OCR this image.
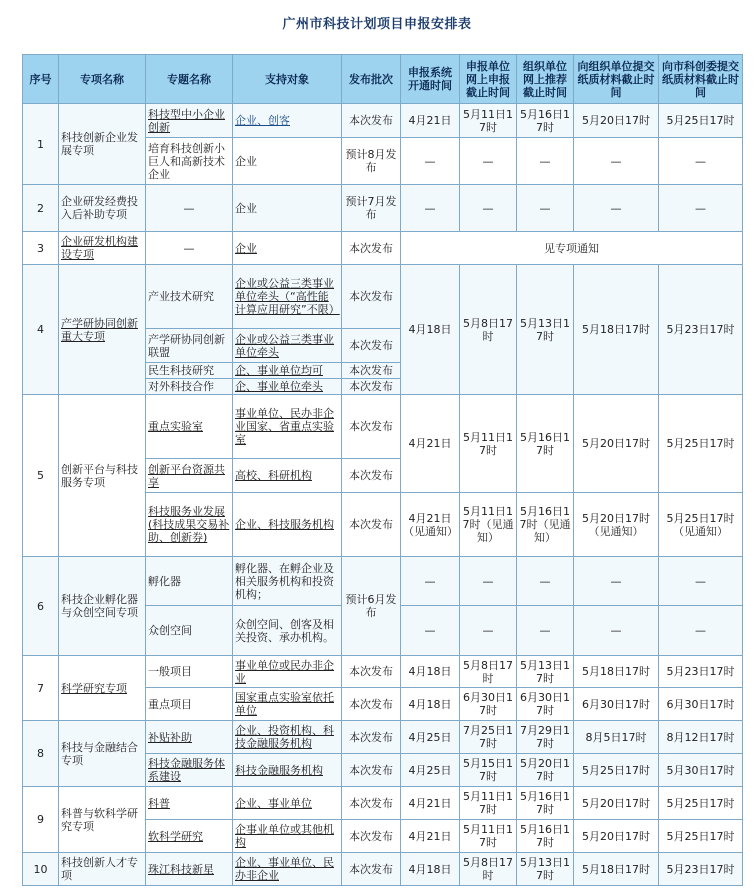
广州市科技计划项目申报安排表
序号	专项名称	专题名称	支持对象	发布批次	申报系统开通时间	申报单位网上申报截止时间	组织单位网上推荐截止时间	向组织单位提交纸质材料截止时间	向市科创委提交纸质材料截止时间
1	科技创新企业发展专项	科技型中小企业创新	企业、创客	本次发布	4月21日	5月11日17时	5月16日17时	5月20日17时	5月25日17时
		培育科技创新小巨人和高新技术企业	企业	预计8月发布	—	—	—	—	—
2	企业研发经费投入后补助专项	—	企业	预计7月发布	—	—	—	—	—
3	企业研发机构建设专项	—	企业	本次发布	见专项通知				
4	产学研协同创新重大专项	产业技术研究	企业或公益三类事业单位牵头（“高性能计算应用研究”不限）	本次发布	4月18日	5月8日17时	5月13日17时	5月18日17时	5月23日17时
		产学研协同创新联盟	企业或公益三类事业单位牵头	本次发布					
		民生科技研究	企、事业单位均可	本次发布					
		对外科技合作	企、事业单位牵头	本次发布					
5	创新平台与科技服务专项	重点实验室	事业单位、民办非企业国家、省重点实验室	本次发布	4月21日	5月11日17时	5月16日17时	5月20日17时	5月25日17时
		创新平台资源共享	高校、科研机构	本次发布					
		科技服务业发展(科技成果交易补助、创新券)	企业、科技服务机构	本次发布	4月21日（见通知）	5月11日17时（见通知）	5月16日17时（见通知）	5月20日17时（见通知）	5月25日17时（见通知）
6	科技企业孵化器与众创空间专项	孵化器	孵化器、在孵企业及相关服务机构和投资机构；	预计6月发布	—	—	—	—	—
		众创空间	众创空间、创客及相关投资、承办机构。		—	—	—	—	—
7	科学研究专项	一般项目	事业单位或民办非企业	本次发布	4月18日	5月8日17时	5月13日17时	5月18日17时	5月23日17时
		重点项目	国家重点实验室依托单位	本次发布	4月18日	6月30日17时	6月30日17时	6月30日17时	6月30日17时
8	科技与金融结合专项	补贴补助	企业、投资机构、科技金融服务机构	本次发布	4月25日	7月25日17时	7月29日17时	8月5日17时	8月12日17时
		科技金融服务体系建设	科技金融服务机构	本次发布	4月25日	5月15日17时	5月20日17时	5月25日17时	5月30日17时
9	科普与软科学研究专项	科普	企业、事业单位	本次发布	4月21日	5月11日17时	5月16日17时	5月20日17时	5月25日17时
		软科学研究	企事业单位或其他机构	本次发布	4月21日	5月11日17时	5月16日17时	5月20日17时	5月25日17时
10	科技创新人才专项	珠江科技新星	企业、事业单位、民办非企业	本次发布	4月18日	5月8日17时	5月13日17时	5月18日17时	5月23日17时
